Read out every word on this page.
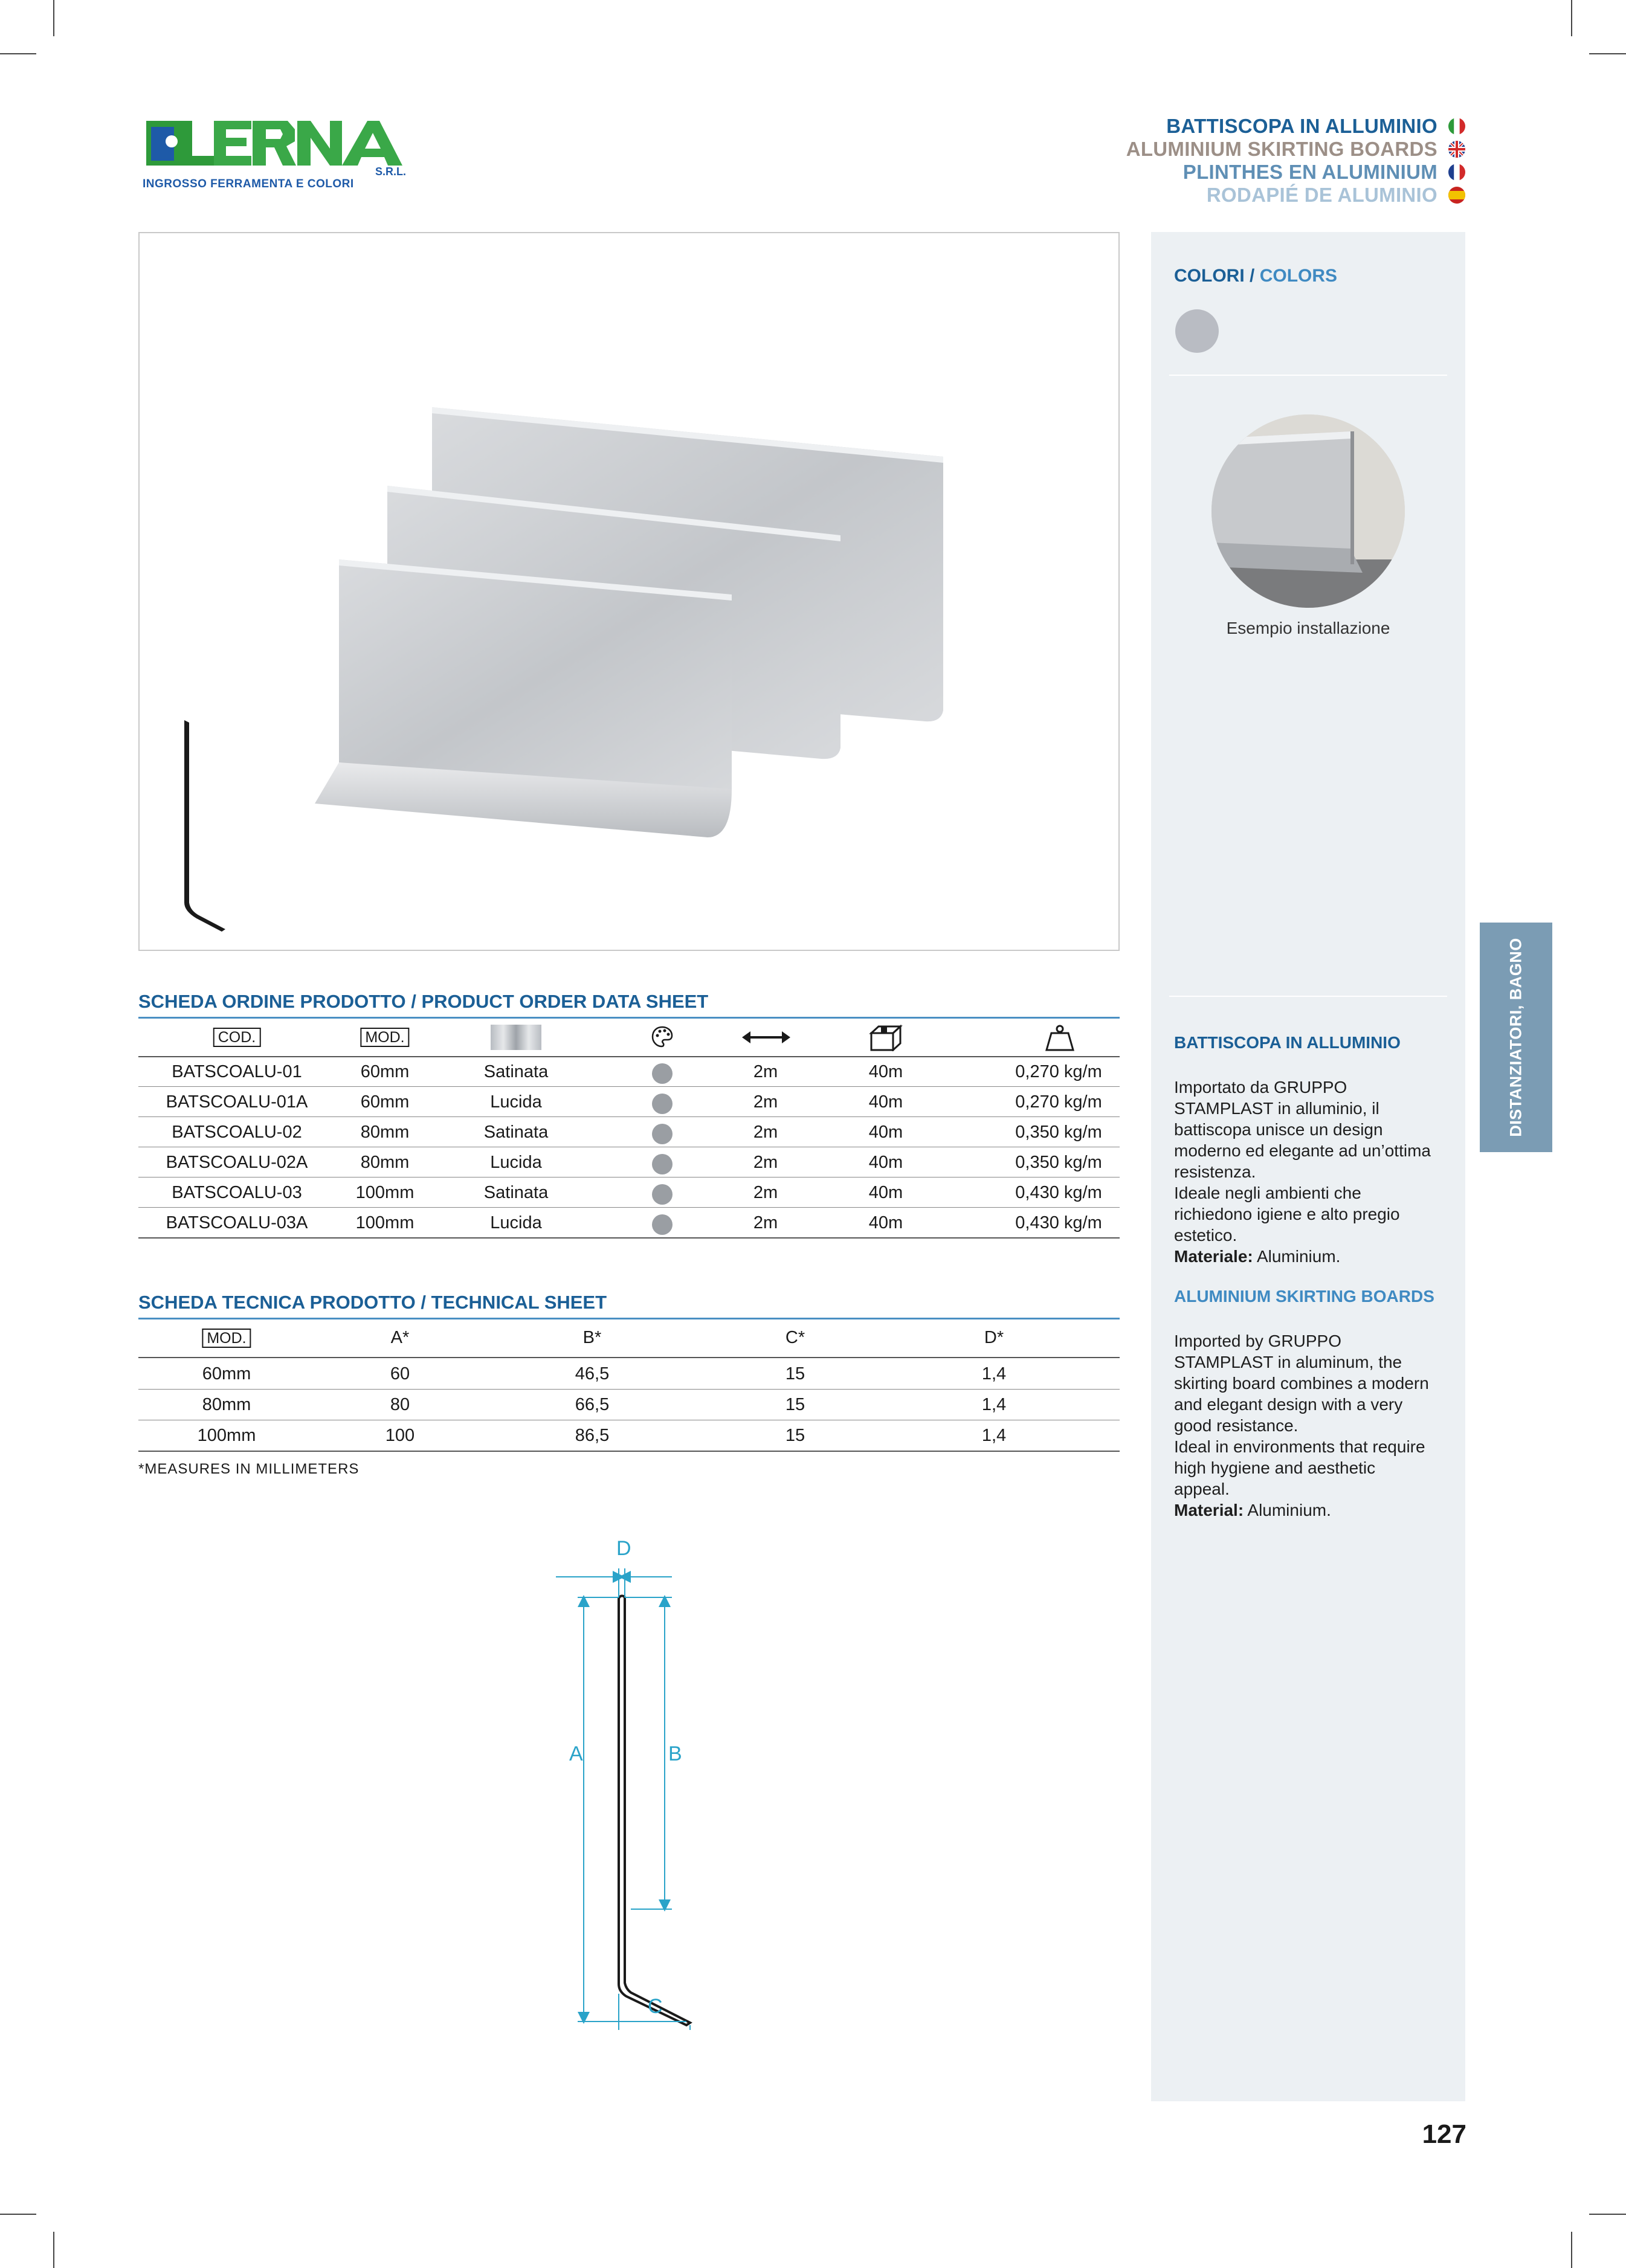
S.R.L.
INGROSSO FERRAMENTA E COLORI
BATTISCOPA IN ALLUMINIO
ALUMINIUM SKIRTING BOARDS
PLINTHES EN ALUMINIUM
RODAPIÉ DE ALUMINIO
COLORI / COLORS
Esempio installazione
BATTISCOPA IN ALLUMINIO
Importato da GRUPPO
STAMPLAST in alluminio, il
battiscopa unisce un design
moderno ed elegante ad un’ottima
resistenza.
Ideale negli ambienti che
richiedono igiene e alto pregio
estetico.
Materiale: Aluminium.
ALUMINIUM SKIRTING BOARDS
Imported by GRUPPO
STAMPLAST in aluminum, the
skirting board combines a modern
and elegant design with a very
good resistance.
Ideal in environments that require
high hygiene and aesthetic
appeal.
Material: Aluminium.
DISTANZIATORI, BAGNO
SCHEDA ORDINE PRODOTTO / PRODUCT ORDER DATA SHEET
COD.	MOD.
BATSCOALU-01	60mm	Satinata	2m	40m	0,270 kg/m
BATSCOALU-01A	60mm	Lucida	2m	40m	0,270 kg/m
BATSCOALU-02	80mm	Satinata	2m	40m	0,350 kg/m
BATSCOALU-02A	80mm	Lucida	2m	40m	0,350 kg/m
BATSCOALU-03	100mm	Satinata	2m	40m	0,430 kg/m
BATSCOALU-03A	100mm	Lucida	2m	40m	0,430 kg/m
SCHEDA TECNICA PRODOTTO / TECHNICAL SHEET
MOD.	A*	B*	C*	D*
60mm	60	46,5	15	1,4
80mm	80	66,5	15	1,4
100mm	100	86,5	15	1,4
*MEASURES IN MILLIMETERS
D
A	B
C
127
